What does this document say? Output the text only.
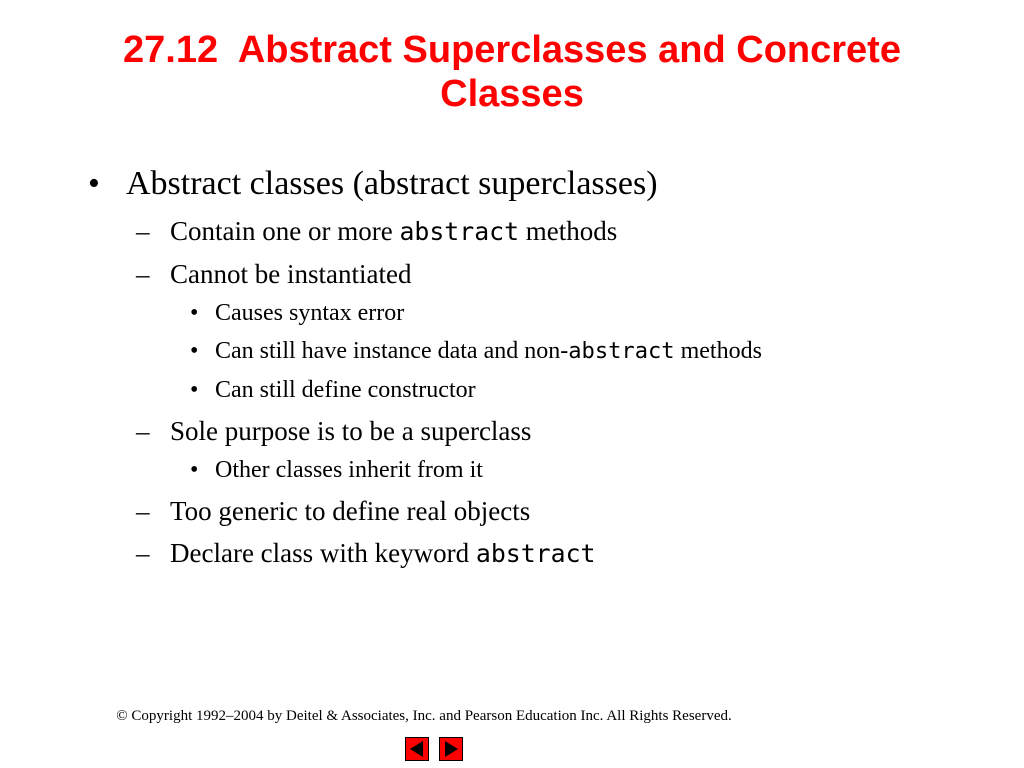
27.12  Abstract Superclasses and Concrete
Classes
• Abstract classes (abstract superclasses)
– Contain one or more abstract methods
– Cannot be instantiated
• Causes syntax error
• Can still have instance data and non-abstract methods
• Can still define constructor
– Sole purpose is to be a superclass
• Other classes inherit from it
– Too generic to define real objects
– Declare class with keyword abstract
© Copyright 1992–2004 by Deitel & Associates, Inc. and Pearson Education Inc. All Rights Reserved.
